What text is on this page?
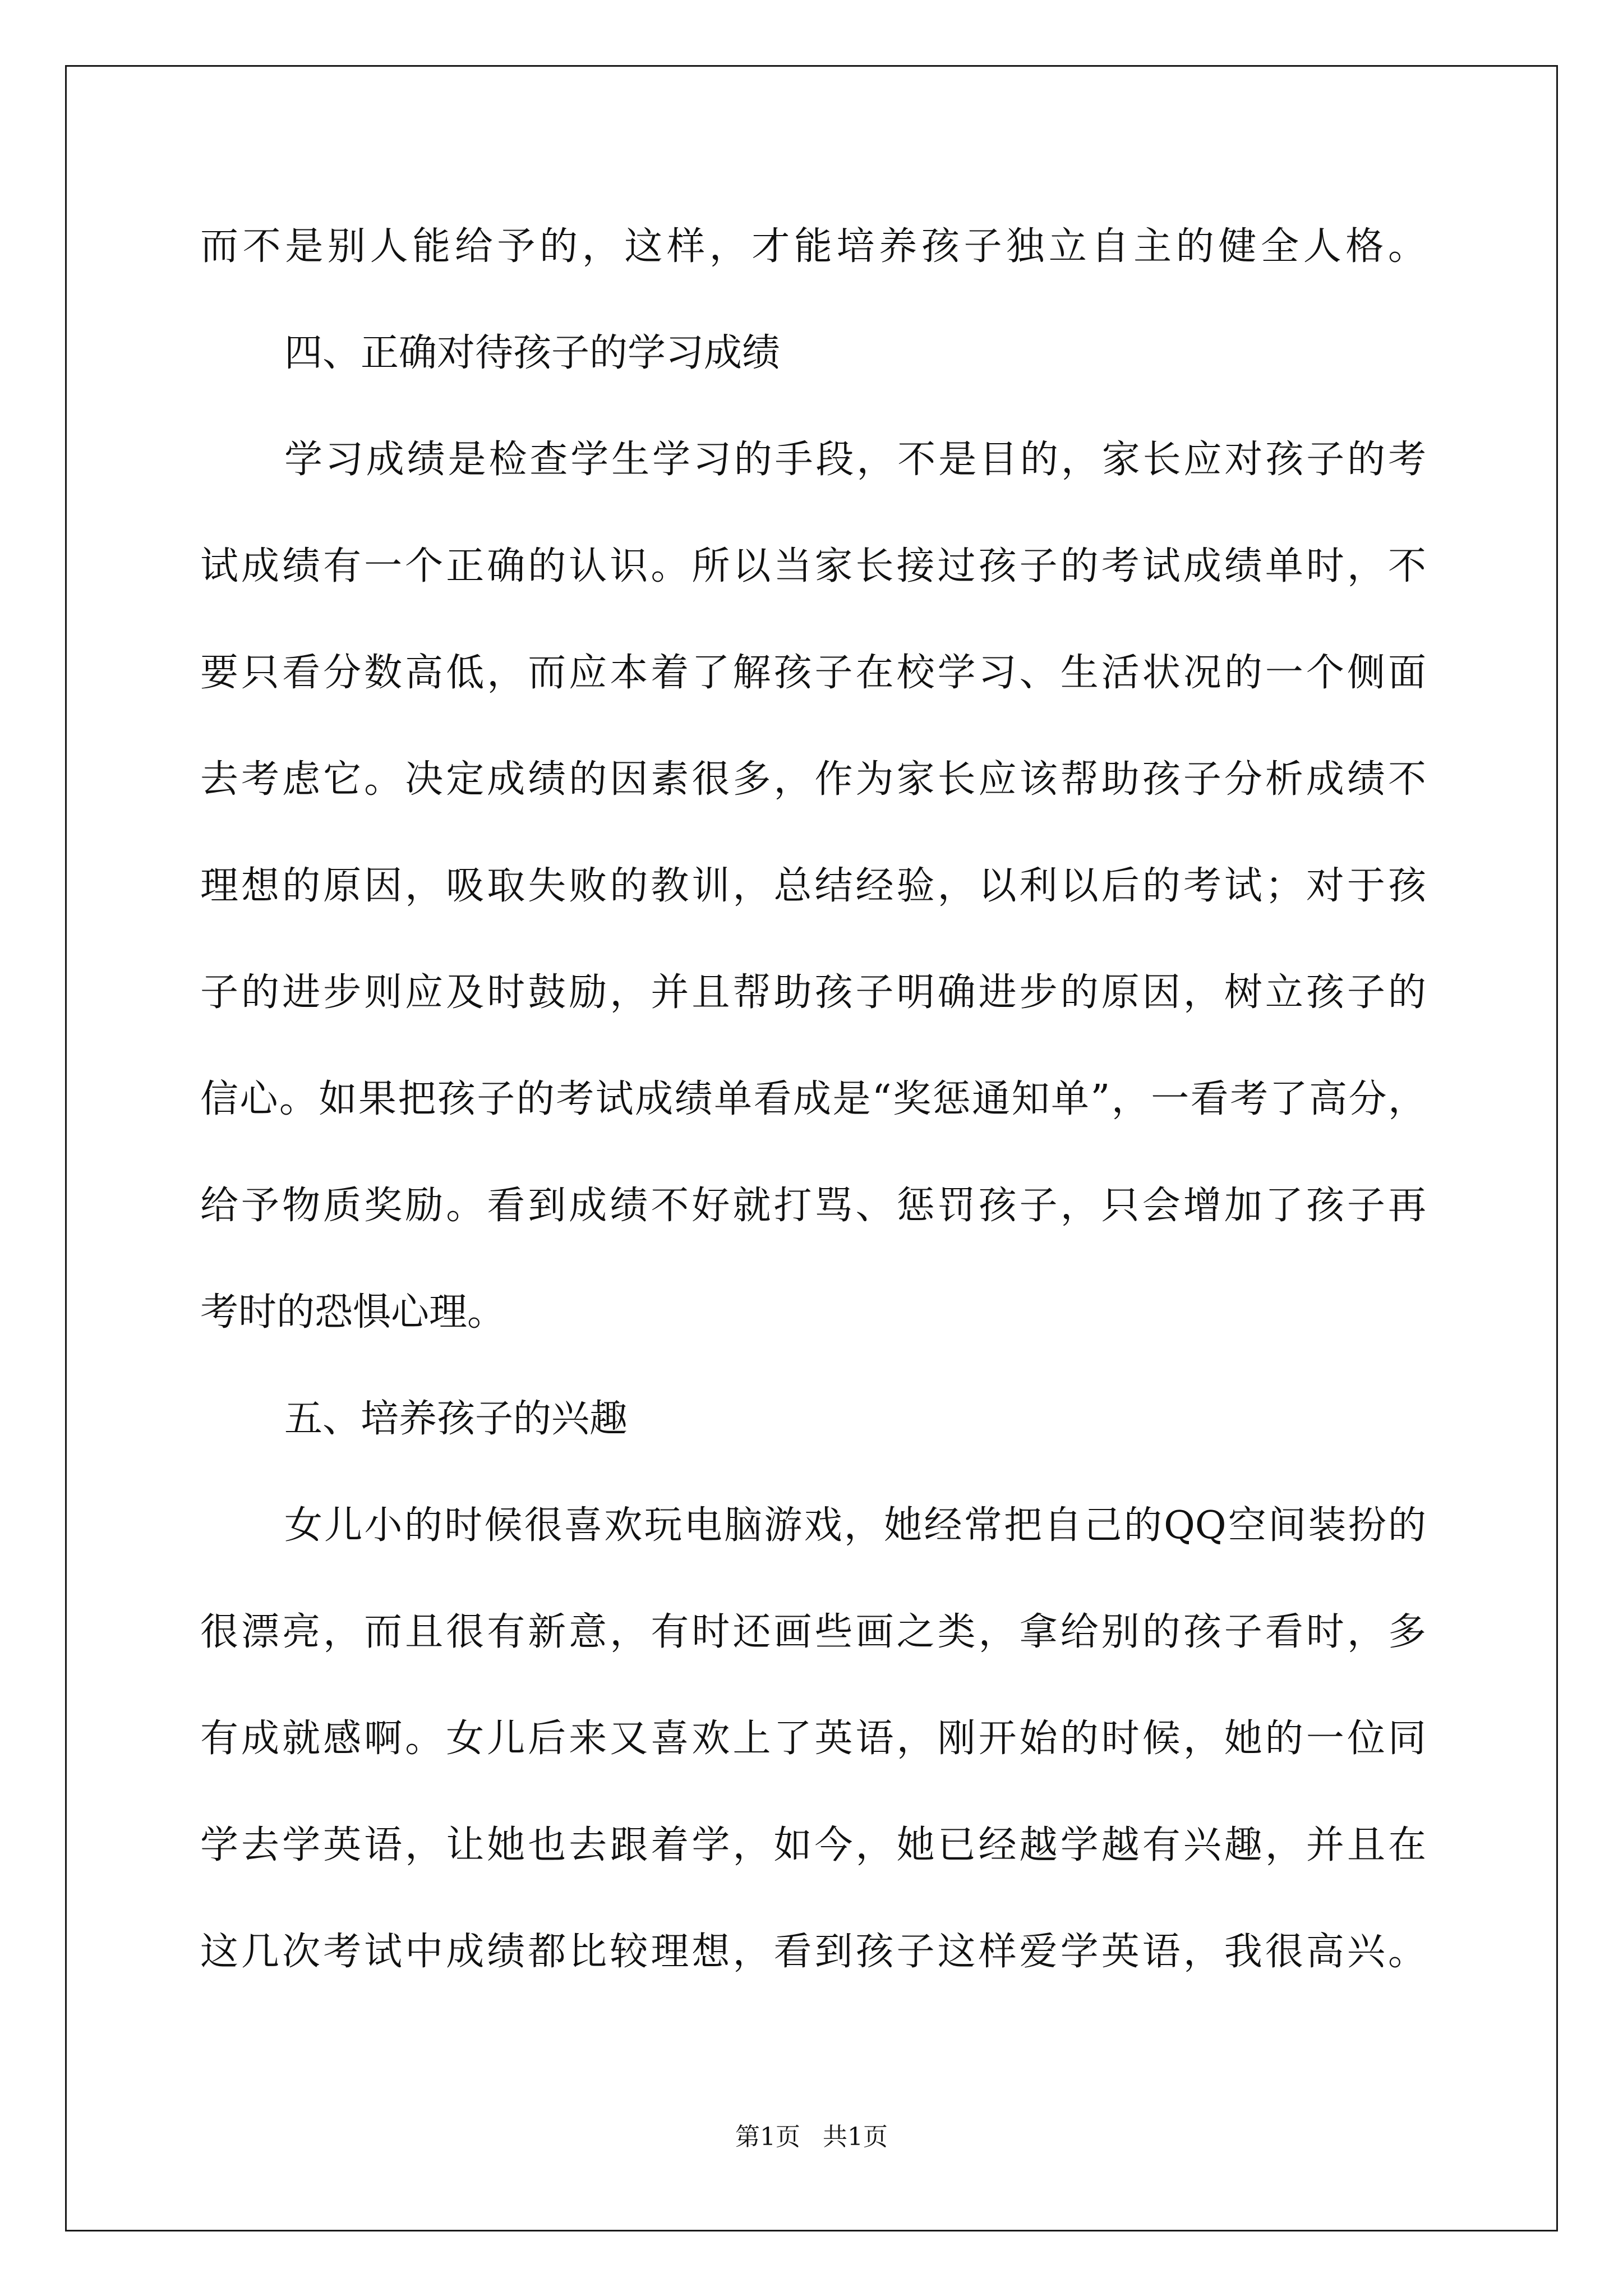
而不是别人能给予的，这样，才能培养孩子独立自主的健全人格。
四、正确对待孩子的学习成绩
学习成绩是检查学生学习的手段，不是目的，家长应对孩子的考
试成绩有一个正确的认识。所以当家长接过孩子的考试成绩单时，不
要只看分数高低，而应本着了解孩子在校学习、生活状况的一个侧面
去考虑它。决定成绩的因素很多，作为家长应该帮助孩子分析成绩不
理想的原因，吸取失败的教训，总结经验，以利以后的考试；对于孩
子的进步则应及时鼓励，并且帮助孩子明确进步的原因，树立孩子的
信心。如果把孩子的考试成绩单看成是“奖惩通知单”，一看考了高分，
给予物质奖励。看到成绩不好就打骂、惩罚孩子，只会增加了孩子再
考时的恐惧心理。
五、培养孩子的兴趣
女儿小的时候很喜欢玩电脑游戏，她经常把自己的QQ空间装扮的
很漂亮，而且很有新意，有时还画些画之类，拿给别的孩子看时，多
有成就感啊。女儿后来又喜欢上了英语，刚开始的时候，她的一位同
学去学英语，让她也去跟着学，如今，她已经越学越有兴趣，并且在
这几次考试中成绩都比较理想，看到孩子这样爱学英语，我很高兴。
第1页 共1页
